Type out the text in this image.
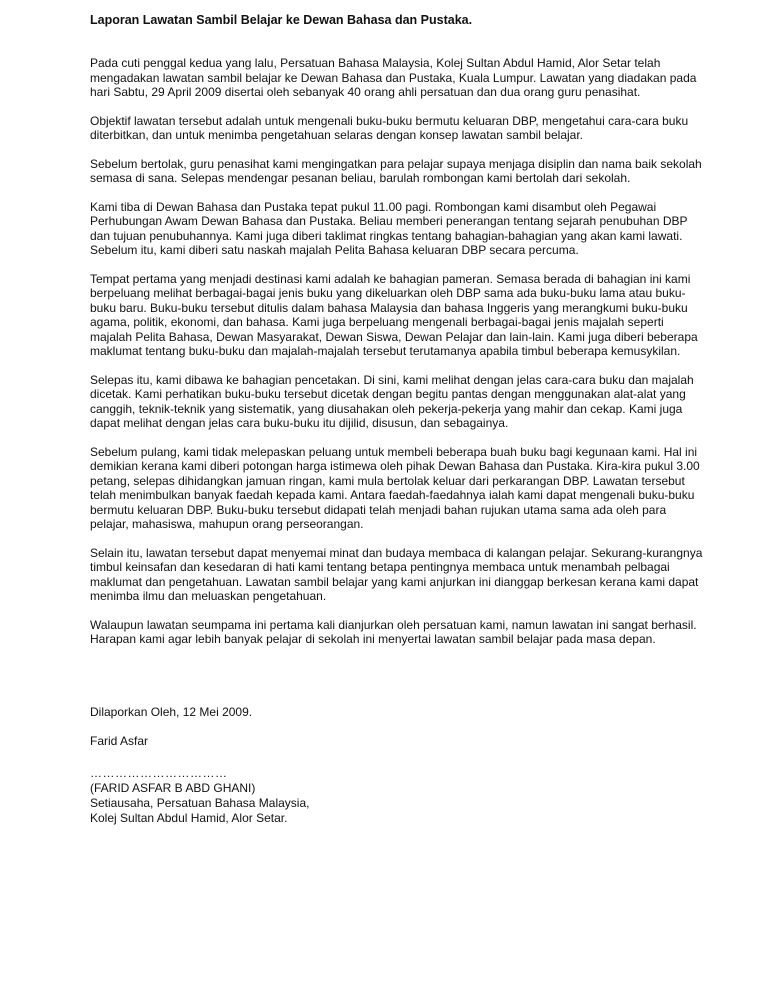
Laporan Lawatan Sambil Belajar ke Dewan Bahasa dan Pustaka.

Pada cuti penggal kedua yang lalu, Persatuan Bahasa Malaysia, Kolej Sultan Abdul Hamid, Alor Setar telah mengadakan lawatan sambil belajar ke Dewan Bahasa dan Pustaka, Kuala Lumpur. Lawatan yang diadakan pada hari Sabtu, 29 April 2009 disertai oleh sebanyak 40 orang ahli persatuan dan dua orang guru penasihat.

Objektif lawatan tersebut adalah untuk mengenali buku-buku bermutu keluaran DBP, mengetahui cara-cara buku diterbitkan, dan untuk menimba pengetahuan selaras dengan konsep lawatan sambil belajar.

Sebelum bertolak, guru penasihat kami mengingatkan para pelajar supaya menjaga disiplin dan nama baik sekolah semasa di sana. Selepas mendengar pesanan beliau, barulah rombongan kami bertolah dari sekolah.

Kami tiba di Dewan Bahasa dan Pustaka tepat pukul 11.00 pagi. Rombongan kami disambut oleh Pegawai Perhubungan Awam Dewan Bahasa dan Pustaka. Beliau memberi penerangan tentang sejarah penubuhan DBP dan tujuan penubuhannya. Kami juga diberi taklimat ringkas tentang bahagian-bahagian yang akan kami lawati. Sebelum itu, kami diberi satu naskah majalah Pelita Bahasa keluaran DBP secara percuma.

Tempat pertama yang menjadi destinasi kami adalah ke bahagian pameran. Semasa berada di bahagian ini kami berpeluang melihat berbagai-bagai jenis buku yang dikeluarkan oleh DBP sama ada buku-buku lama atau buku-buku baru. Buku-buku tersebut ditulis dalam bahasa Malaysia dan bahasa Inggeris yang merangkumi buku-buku agama, politik, ekonomi, dan bahasa. Kami juga berpeluang mengenali berbagai-bagai jenis majalah seperti majalah Pelita Bahasa, Dewan Masyarakat, Dewan Siswa, Dewan Pelajar dan lain-lain. Kami juga diberi beberapa maklumat tentang buku-buku dan majalah-majalah tersebut terutamanya apabila timbul beberapa kemusykilan.

Selepas itu, kami dibawa ke bahagian pencetakan. Di sini, kami melihat dengan jelas cara-cara buku dan majalah dicetak. Kami perhatikan buku-buku tersebut dicetak dengan begitu pantas dengan menggunakan alat-alat yang canggih, teknik-teknik yang sistematik, yang diusahakan oleh pekerja-pekerja yang mahir dan cekap. Kami juga dapat melihat dengan jelas cara buku-buku itu dijilid, disusun, dan sebagainya.

Sebelum pulang, kami tidak melepaskan peluang untuk membeli beberapa buah buku bagi kegunaan kami. Hal ini demikian kerana kami diberi potongan harga istimewa oleh pihak Dewan Bahasa dan Pustaka. Kira-kira pukul 3.00 petang, selepas dihidangkan jamuan ringan, kami mula bertolak keluar dari perkarangan DBP. Lawatan tersebut telah menimbulkan banyak faedah kepada kami. Antara faedah-faedahnya ialah kami dapat mengenali buku-buku bermutu keluaran DBP. Buku-buku tersebut didapati telah menjadi bahan rujukan utama sama ada oleh para pelajar, mahasiswa, mahupun orang perseorangan.

Selain itu, lawatan tersebut dapat menyemai minat dan budaya membaca di kalangan pelajar. Sekurang-kurangnya timbul keinsafan dan kesedaran di hati kami tentang betapa pentingnya membaca untuk menambah pelbagai maklumat dan pengetahuan. Lawatan sambil belajar yang kami anjurkan ini dianggap berkesan kerana kami dapat menimba ilmu dan meluaskan pengetahuan.

Walaupun lawatan seumpama ini pertama kali dianjurkan oleh persatuan kami, namun lawatan ini sangat berhasil. Harapan kami agar lebih banyak pelajar di sekolah ini menyertai lawatan sambil belajar pada masa depan.

Dilaporkan Oleh, 12 Mei 2009.
Farid Asfar
……………………………
(FARID ASFAR B ABD GHANI)
Setiausaha, Persatuan Bahasa Malaysia,
Kolej Sultan Abdul Hamid, Alor Setar.
